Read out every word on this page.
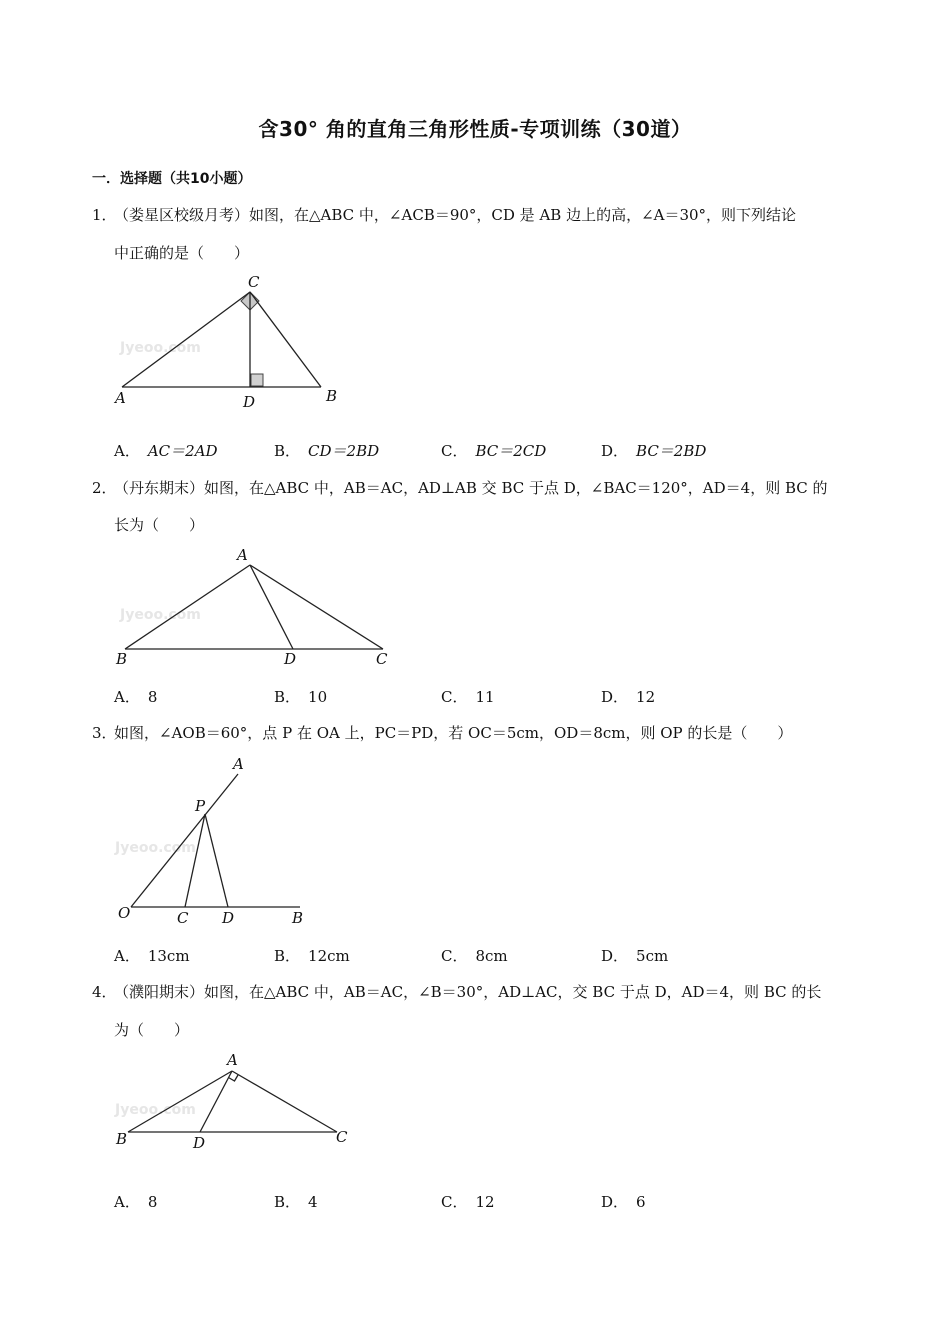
含30° 角的直角三角形性质-专项训练（30道）
一．选择题（共10小题）
1．（娄星区校级月考）如图，在△ABC 中，∠ACB＝90°，CD 是 AB 边上的高，∠A＝30°，则下列结论
中正确的是（　　）
Jyeoo.com
A	B
C
D
A． AC＝2AD	B． CD＝2BD	C． BC＝2CD	D． BC＝2BD
2．（丹东期末）如图，在△ABC 中，AB＝AC，AD⊥AB 交 BC 于点 D，∠BAC＝120°，AD＝4，则 BC 的
长为（　　）
Jyeoo.com
A
B	D	C
A． 8	B． 10	C． 11	D． 12
3．如图，∠AOB＝60°，点 P 在 OA 上，PC＝PD，若 OC＝5cm，OD＝8cm，则 OP 的长是（　　）
Jyeoo.com
A
P
O	C D	B
A． 13cm	B． 12cm	C． 8cm	D． 5cm
4．（濮阳期末）如图，在△ABC 中，AB＝AC，∠B＝30°，AD⊥AC，交 BC 于点 D，AD＝4，则 BC 的长
为（　　）
Jyeoo.com
A
B	D	C
A． 8	B． 4	C． 12	D． 6
